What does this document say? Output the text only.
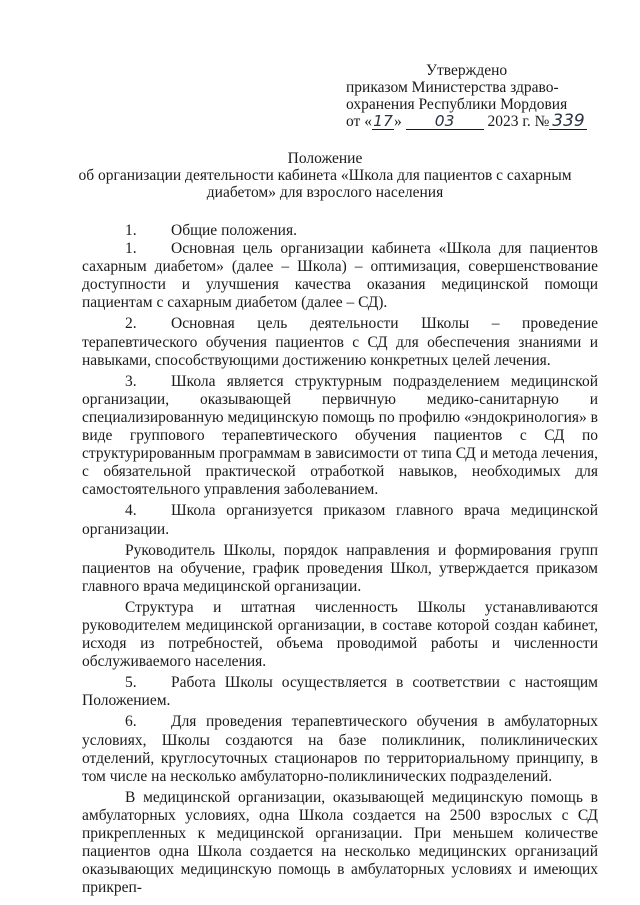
Утверждено
приказом Министерства здраво-
охранения Республики Мордовия
от «17» 03 2023 г. № 339
Положение
об организации деятельности кабинета «Школа для пациентов с сахарным
диабетом» для взрослого населения

1. Общие положения.

1. Основная цель организации кабинета «Школа для пациентов сахарным диабетом» (далее – Школа) – оптимизация, совершенствование доступности и улучшения качества оказания медицинской помощи пациентам с сахарным диабетом (далее – СД).

2. Основная цель деятельности Школы – проведение терапевтического обучения пациентов с СД для обеспечения знаниями и навыками, способствующими достижению конкретных целей лечения.

3. Школа является структурным подразделением медицинской организации, оказывающей первичную медико-санитарную и специализированную медицинскую помощь по профилю «эндокринология» в виде группового терапевтического обучения пациентов с СД по структурированным программам в зависимости от типа СД и метода лечения, с обязательной практической отработкой навыков, необходимых для самостоятельного управления заболеванием.

4. Школа организуется приказом главного врача медицинской организации.

Руководитель Школы, порядок направления и формирования групп пациентов на обучение, график проведения Школ, утверждается приказом главного врача медицинской организации.

Структура и штатная численность Школы устанавливаются руководителем медицинской организации, в составе которой создан кабинет, исходя из потребностей, объема проводимой работы и численности обслуживаемого населения.

5. Работа Школы осуществляется в соответствии с настоящим Положением.

6. Для проведения терапевтического обучения в амбулаторных условиях, Школы создаются на базе поликлиник, поликлинических отделений, круглосуточных стационаров по территориальному принципу, в том числе на несколько амбулаторно-поликлинических подразделений.

В медицинской организации, оказывающей медицинскую помощь в амбулаторных условиях, одна Школа создается на 2500 взрослых с СД прикрепленных к медицинской организации. При меньшем количестве пациентов одна Школа создается на несколько медицинских организаций оказывающих медицинскую помощь в амбулаторных условиях и имеющих прикреп-
